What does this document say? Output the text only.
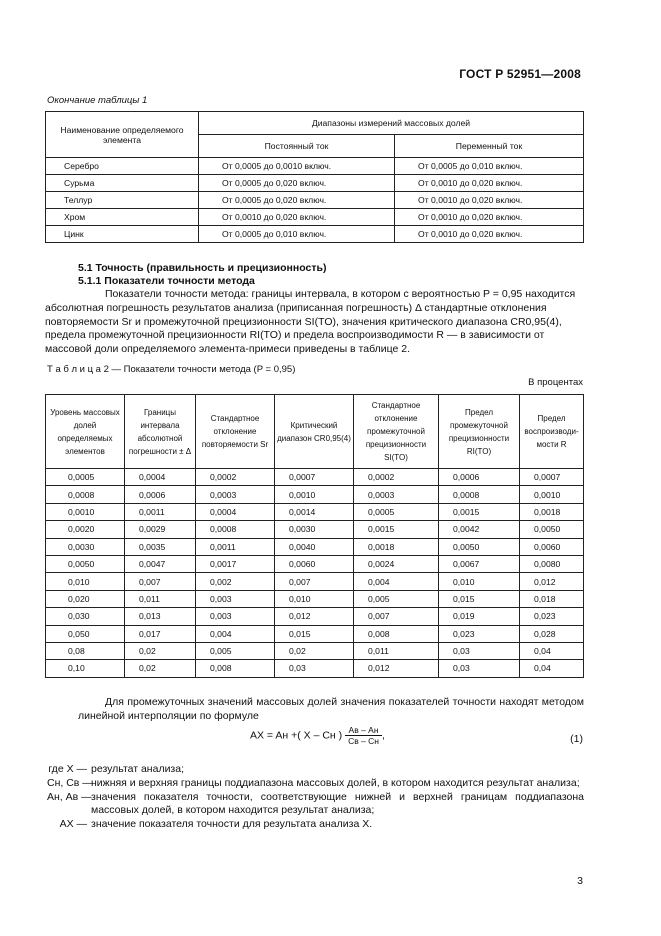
ГОСТ Р 52951—2008
Окончание таблицы 1
Наименование определяемого элемента	Диапазоны измерений массовых долей	
	Постоянный ток	Переменный ток
Серебро	От 0,0005 до 0,0010 включ.	От 0,0005 до 0,010 включ.
Сурьма	От 0,0005 до 0,020 включ.	От 0,0010 до 0,020 включ.
Теллур	От 0,0005 до 0,020 включ.	От 0,0010 до 0,020 включ.
Хром	От 0,0010 до 0,020 включ.	От 0,0010 до 0,020 включ.
Цинк	От 0,0005 до 0,010 включ.	От 0,0010 до 0,020 включ.
5.1 Точность (правильность и прецизионность)
5.1.1 Показатели точности метода

Показатели точности метода: границы интервала, в котором с вероятностью P = 0,95 находится

абсолютная погрешность результатов анализа (приписанная погрешность) Δ стандартные отклонения

повторяемости Sr и промежуточной прецизионности SI(TO), значения критического диапазона CR0,95(4),

предела промежуточной прецизионности RI(TO) и предела воспроизводимости R — в зависимости от

массовой доли определяемого элемента-примеси приведены в таблице 2.

Т а б л и ц а 2 — Показатели точности метода (P = 0,95)
В процентах
Уровень массовых долей определяемых элементов	Границы интервала абсолютной погрешности ± Δ	Стандартное отклонение повторяемости Sr	Критический диапазон CR0,95(4)	Стандартное отклонение промежуточной прецизионности SI(TO)	Предел промежуточной прецизионности RI(TO)	Предел воспроизводи-мости R
0,0005	0,0004	0,0002	0,0007	0,0002	0,0006	0,0007
0,0008	0,0006	0,0003	0,0010	0,0003	0,0008	0,0010
0,0010	0,0011	0,0004	0,0014	0,0005	0,0015	0,0018
0,0020	0,0029	0,0008	0,0030	0,0015	0,0042	0,0050
0,0030	0,0035	0,0011	0,0040	0,0018	0,0050	0,0060
0,0050	0,0047	0,0017	0,0060	0,0024	0,0067	0,0080
0,010	0,007	0,002	0,007	0,004	0,010	0,012
0,020	0,011	0,003	0,010	0,005	0,015	0,018
0,030	0,013	0,003	0,012	0,007	0,019	0,023
0,050	0,017	0,004	0,015	0,008	0,023	0,028
0,08	0,02	0,005	0,02	0,011	0,03	0,04
0,10	0,02	0,008	0,03	0,012	0,03	0,04
Для промежуточных значений массовых долей значения показателей точности находят методом линейной интерполяции по формуле
AX = Aн +( X – Cн ) $\frac{Aв - Aн}{Cв - Cн}$ ,	(1)
где X — результат анализа;
Cн, Cв —
нижняя и верхняя границы поддиапазона массовых долей, в котором находится результат анализа;
Aн, Aв — значения показателя точности, соответствующие нижней и верхней границам поддиапазона массовых долей, в котором находится результат анализа;
AX — значение показателя точности для результата анализа X.
3
